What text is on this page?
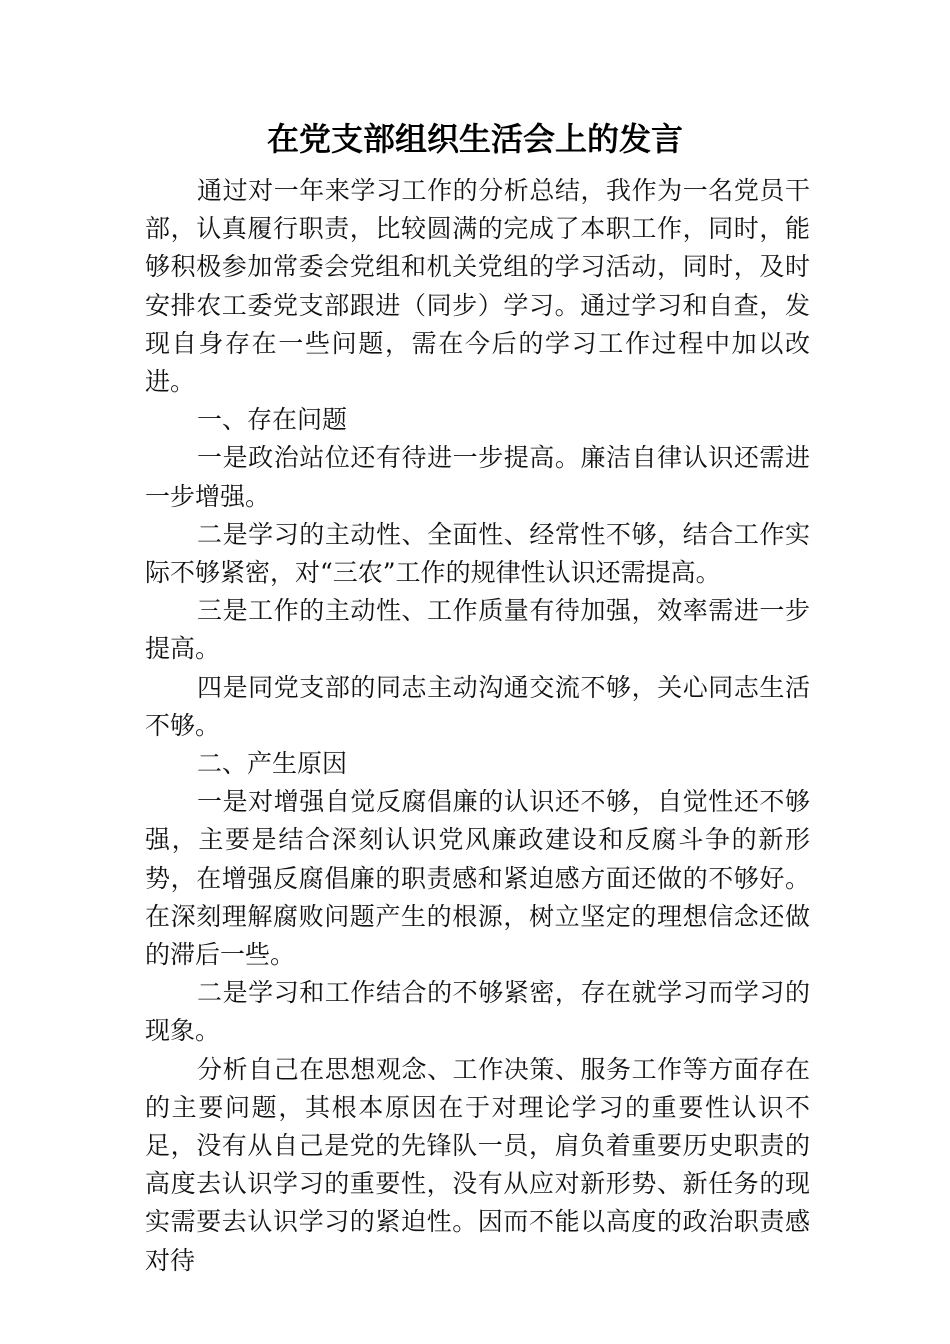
在党支部组织生活会上的发言

通过对一年来学习工作的分析总结，我作为一名党员干部，认真履行职责，比较圆满的完成了本职工作，同时，能够积极参加常委会党组和机关党组的学习活动，同时，及时安排农工委党支部跟进（同步）学习。通过学习和自查，发现自身存在一些问题，需在今后的学习工作过程中加以改进。

一、存在问题

一是政治站位还有待进一步提高。廉洁自律认识还需进一步增强。

二是学习的主动性、全面性、经常性不够，结合工作实际不够紧密，对“三农”工作的规律性认识还需提高。

三是工作的主动性、工作质量有待加强，效率需进一步提高。

四是同党支部的同志主动沟通交流不够，关心同志生活不够。

二、产生原因

一是对增强自觉反腐倡廉的认识还不够，自觉性还不够强，主要是结合深刻认识党风廉政建设和反腐斗争的新形势，在增强反腐倡廉的职责感和紧迫感方面还做的不够好。在深刻理解腐败问题产生的根源，树立坚定的理想信念还做的滞后一些。

二是学习和工作结合的不够紧密，存在就学习而学习的现象。

分析自己在思想观念、工作决策、服务工作等方面存在的主要问题，其根本原因在于对理论学习的重要性认识不足，没有从自己是党的先锋队一员，肩负着重要历史职责的高度去认识学习的重要性，没有从应对新形势、新任务的现实需要去认识学习的紧迫性。因而不能以高度的政治职责感对待
